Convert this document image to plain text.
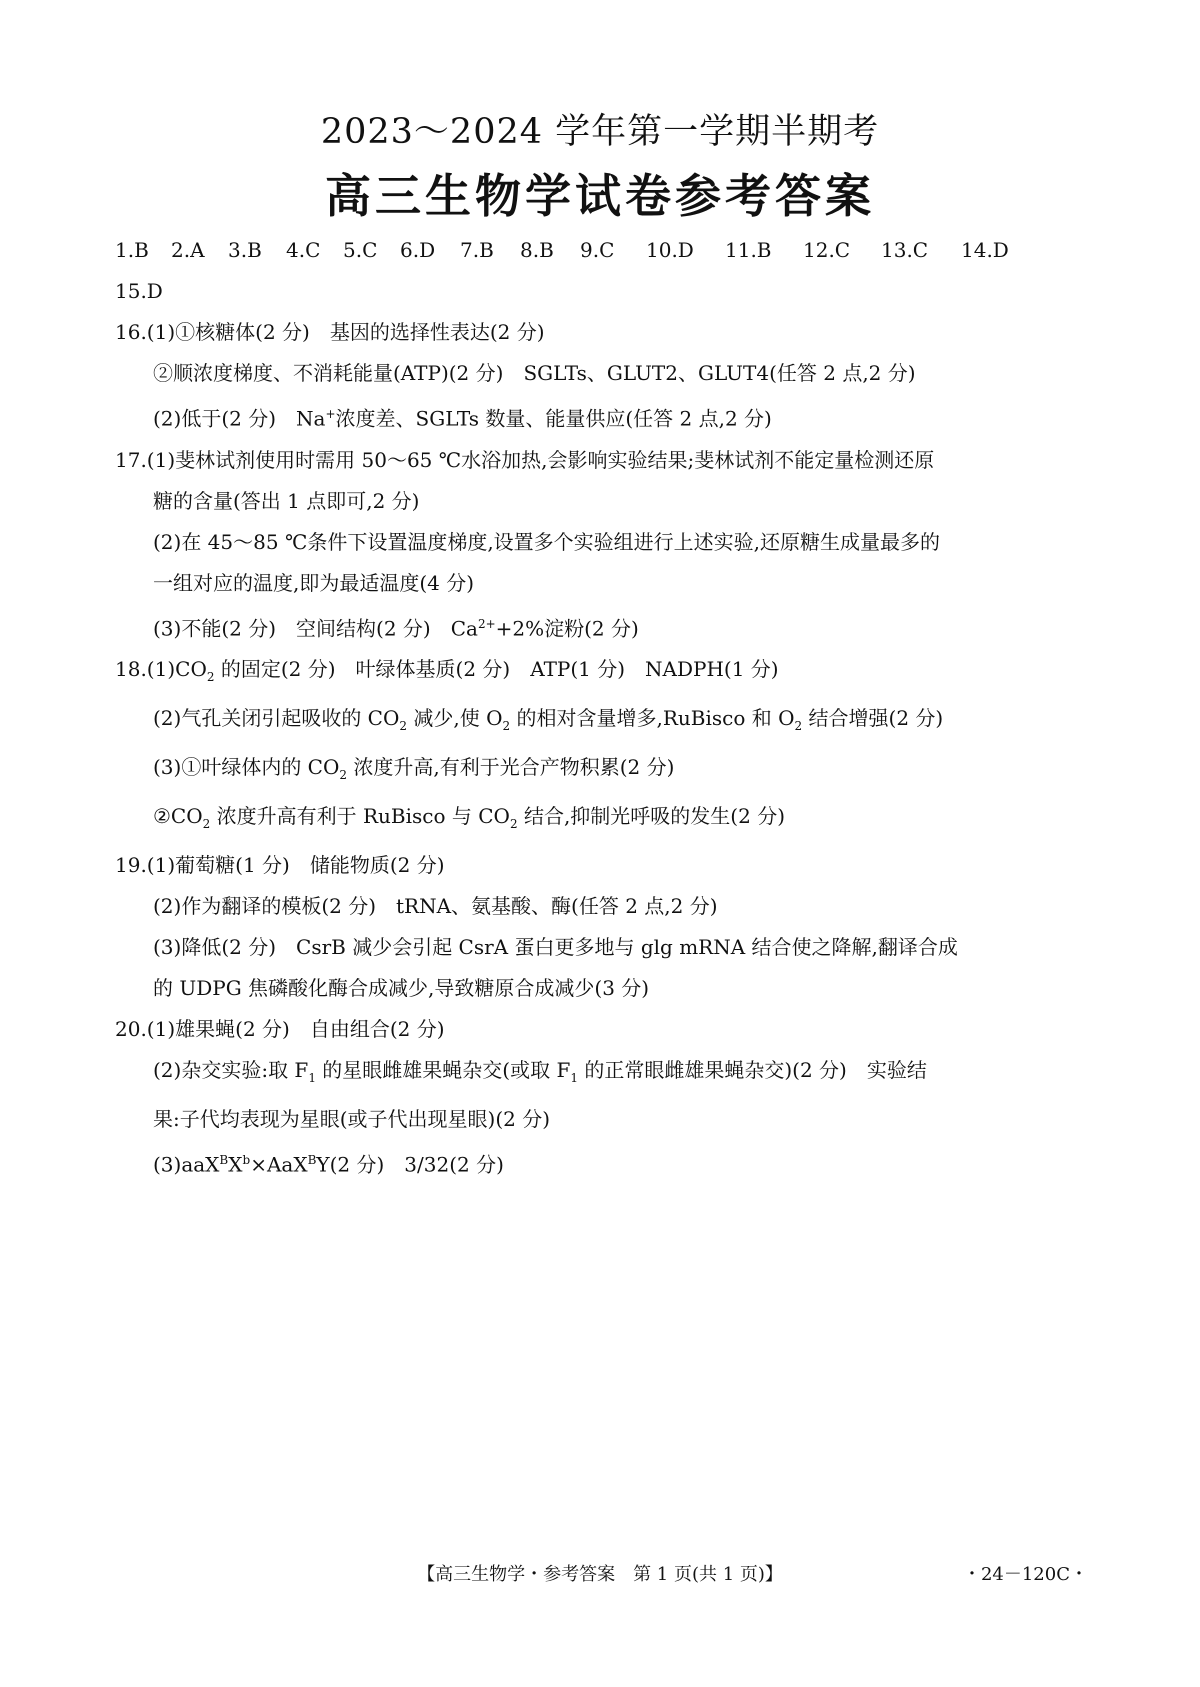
2023～2024 学年第一学期半期考
高三生物学试卷参考答案
1.B 2.A 3.B 4.C 5.C 6.D 7.B 8.B 9.C 10.D 11.B 12.C 13.C 14.D
15.D
16.(1)①核糖体(2 分)　基因的选择性表达(2 分)
②顺浓度梯度、不消耗能量(ATP)(2 分)　SGLTs、GLUT2、GLUT4(任答 2 点,2 分)
(2)低于(2 分)　Na+浓度差、SGLTs 数量、能量供应(任答 2 点,2 分)
17.(1)斐林试剂使用时需用 50～65 ℃水浴加热,会影响实验结果;斐林试剂不能定量检测还原
糖的含量(答出 1 点即可,2 分)
(2)在 45～85 ℃条件下设置温度梯度,设置多个实验组进行上述实验,还原糖生成量最多的
一组对应的温度,即为最适温度(4 分)
(3)不能(2 分)　空间结构(2 分)　$Ca^{2+}+2\%$淀粉(2 分)
$18.(1)CO_2$ 的固定(2 分)　叶绿体基质(2 分)　ATP(1 分)　NADPH(1 分)
(2)气孔关闭引起吸收的 $CO_2$ 减少,使 $O_2$ 的相对含量增多,RuBisco 和 $O_2$ 结合增强(2 分)
(3)①叶绿体内的 $CO_2$ 浓度升高,有利于光合产物积累(2 分)
$②CO_2$ 浓度升高有利于 RuBisco 与 $CO_2$ 结合,抑制光呼吸的发生(2 分)
19.(1)葡萄糖(1 分)　储能物质(2 分)
(2)作为翻译的模板(2 分)　tRNA、氨基酸、酶(任答 2 点,2 分)
(3)降低(2 分)　CsrB 减少会引起 CsrA 蛋白更多地与 glg mRNA 结合使之降解,翻译合成
的 UDPG 焦磷酸化酶合成减少,导致糖原合成减少(3 分)
20.(1)雄果蝇(2 分)　自由组合(2 分)
(2)杂交实验:取 $F_1$ 的星眼雌雄果蝇杂交(或取 $F_1$ 的正常眼雌雄果蝇杂交)(2 分)　实验结
果:子代均表现为星眼(或子代出现星眼)(2 分)
$(3)aaX^BX^b\times AaX^BY(2$ 分)　3/32(2 分)
【高三生物学・参考答案　第 1 页(共 1 页)】	・24－120C・
